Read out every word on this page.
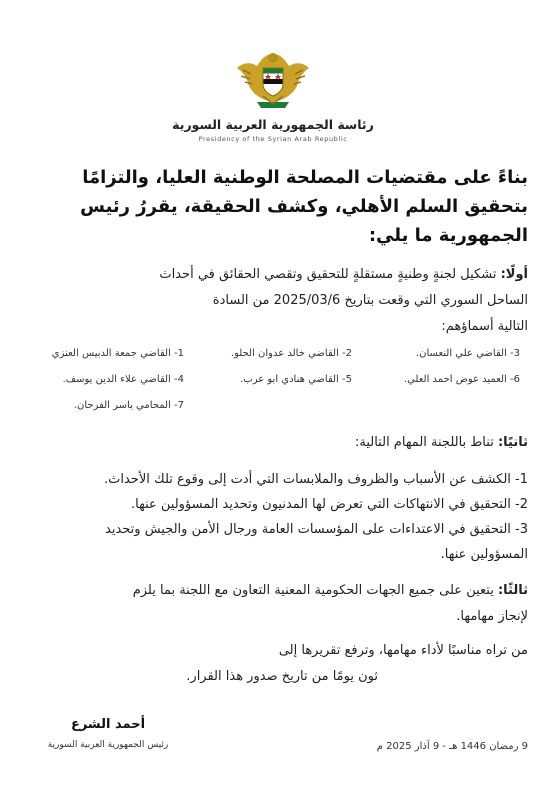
رئاسة الجمهورية العربية السورية
Presidency of the Syrian Arab Republic
بناءً على مقتضيات المصلحة الوطنية العليا، والتزامًا
بتحقيق السلم الأهلي، وكشف الحقيقة، يقررُ رئيس
الجمهورية ما يلي:
أولًا: تشكيل لجنةٍ وطنيةٍ مستقلةٍ للتحقيق وتقصي الحقائق في أحداث
الساحل السوري التي وقعت بتاريخ 2025/03/6 من السادة
التالية أسماؤهم:
1- القاضي جمعة الدبيس العنزي	2- القاضي خالد عدوان الحلو.	3- القاضي علي النعسان.
4- القاضي علاء الدين يوسف.	5- القاضي هنادي أبو عرب.	6- العميد عوض أحمد العلي.
7- المحامي ياسر الفرحان.
ثانيًا: تناط باللجنة المهام التالية:
1- الكشف عن الأسباب والظروف والملابسات التي أدت إلى وقوع تلك الأحداث.
2- التحقيق في الانتهاكات التي تعرض لها المدنيون وتحديد المسؤولين عنها.
3- التحقيق في الاعتداءات على المؤسسات العامة ورجال الأمن والجيش وتحديد
المسؤولين عنها.
ثالثًا: يتعين على جميع الجهات الحكومية المعنية التعاون مع اللجنة بما يلزم
لإنجاز مهامها.
من تراه مناسبًا لأداء مهامها، وترفع تقريرها إلى
ثون يومًا من تاريخ صدور هذا القرار.
أحمد الشرع
رئيس الجمهورية العربية السورية	9 رمضان 1446 هـ - 9 آذار 2025 م
